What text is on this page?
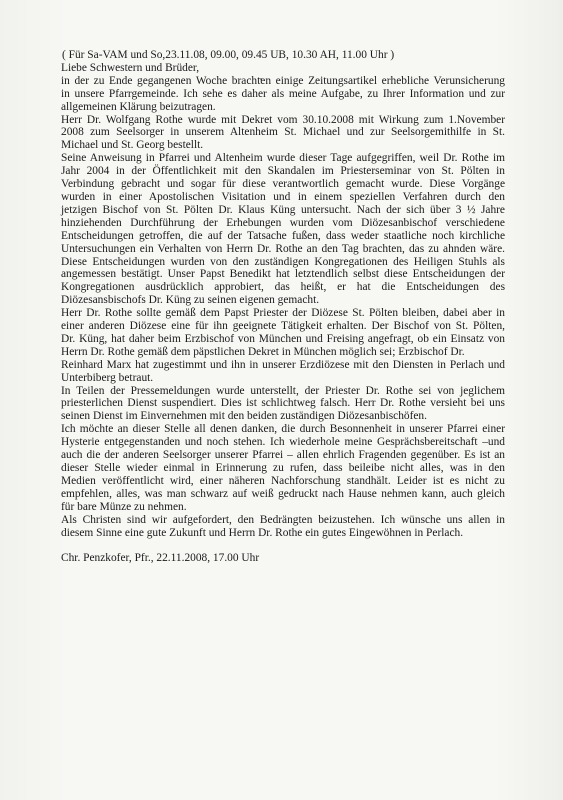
( Für Sa-VAM und So,23.11.08, 09.00, 09.45 UB, 10.30 AH, 11.00 Uhr )
Liebe Schwestern und Brüder,
in der zu Ende gegangenen Woche brachten einige Zeitungsartikel erhebliche Verunsicherung
in unsere Pfarrgemeinde. Ich sehe es daher als meine Aufgabe, zu Ihrer Information und zur
allgemeinen Klärung beizutragen.
Herr Dr. Wolfgang Rothe wurde mit Dekret vom 30.10.2008 mit Wirkung zum 1.November
2008 zum Seelsorger in unserem Altenheim St. Michael und zur Seelsorgemithilfe in St.
Michael und St. Georg bestellt.
Seine Anweisung in Pfarrei und Altenheim wurde dieser Tage aufgegriffen, weil Dr. Rothe im
Jahr 2004 in der Öffentlichkeit mit den Skandalen im Priesterseminar von St. Pölten in
Verbindung gebracht und sogar für diese verantwortlich gemacht wurde. Diese Vorgänge
wurden in einer Apostolischen Visitation und in einem speziellen Verfahren durch den
jetzigen Bischof von St. Pölten Dr. Klaus Küng untersucht. Nach der sich über 3 ½ Jahre
hinziehenden Durchführung der Erhebungen wurden vom Diözesanbischof verschiedene
Entscheidungen getroffen, die auf der Tatsache fußen, dass weder staatliche noch kirchliche
Untersuchungen ein Verhalten von Herrn Dr. Rothe an den Tag brachten, das zu ahnden wäre.
Diese Entscheidungen wurden von den zuständigen Kongregationen des Heiligen Stuhls als
angemessen bestätigt. Unser Papst Benedikt hat letztendlich selbst diese Entscheidungen der
Kongregationen ausdrücklich approbiert, das heißt, er hat die Entscheidungen des
Diözesansbischofs Dr. Küng zu seinen eigenen gemacht.
Herr Dr. Rothe sollte gemäß dem Papst Priester der Diözese St. Pölten bleiben, dabei aber in
einer anderen Diözese eine für ihn geeignete Tätigkeit erhalten. Der Bischof von St. Pölten,
Dr. Küng, hat daher beim Erzbischof von München und Freising angefragt, ob ein Einsatz von
Herrn Dr. Rothe gemäß dem päpstlichen Dekret in München möglich sei; Erzbischof Dr.
Reinhard Marx hat zugestimmt und ihn in unserer Erzdiözese mit den Diensten in Perlach und
Unterbiberg betraut.
In Teilen der Pressemeldungen wurde unterstellt, der Priester Dr. Rothe sei von jeglichem
priesterlichen Dienst suspendiert. Dies ist schlichtweg falsch. Herr Dr. Rothe versieht bei uns
seinen Dienst im Einvernehmen mit den beiden zuständigen Diözesanbischöfen.
Ich möchte an dieser Stelle all denen danken, die durch Besonnenheit in unserer Pfarrei einer
Hysterie entgegenstanden und noch stehen. Ich wiederhole meine Gesprächsbereitschaft –und
auch die der anderen Seelsorger unserer Pfarrei – allen ehrlich Fragenden gegenüber. Es ist an
dieser Stelle wieder einmal in Erinnerung zu rufen, dass beileibe nicht alles, was in den
Medien veröffentlicht wird, einer näheren Nachforschung standhält. Leider ist es nicht zu
empfehlen, alles, was man schwarz auf weiß gedruckt nach Hause nehmen kann, auch gleich
für bare Münze zu nehmen.
Als Christen sind wir aufgefordert, den Bedrängten beizustehen. Ich wünsche uns allen in
diesem Sinne eine gute Zukunft und Herrn Dr. Rothe ein gutes Eingewöhnen in Perlach.
Chr. Penzkofer, Pfr., 22.11.2008, 17.00 Uhr
